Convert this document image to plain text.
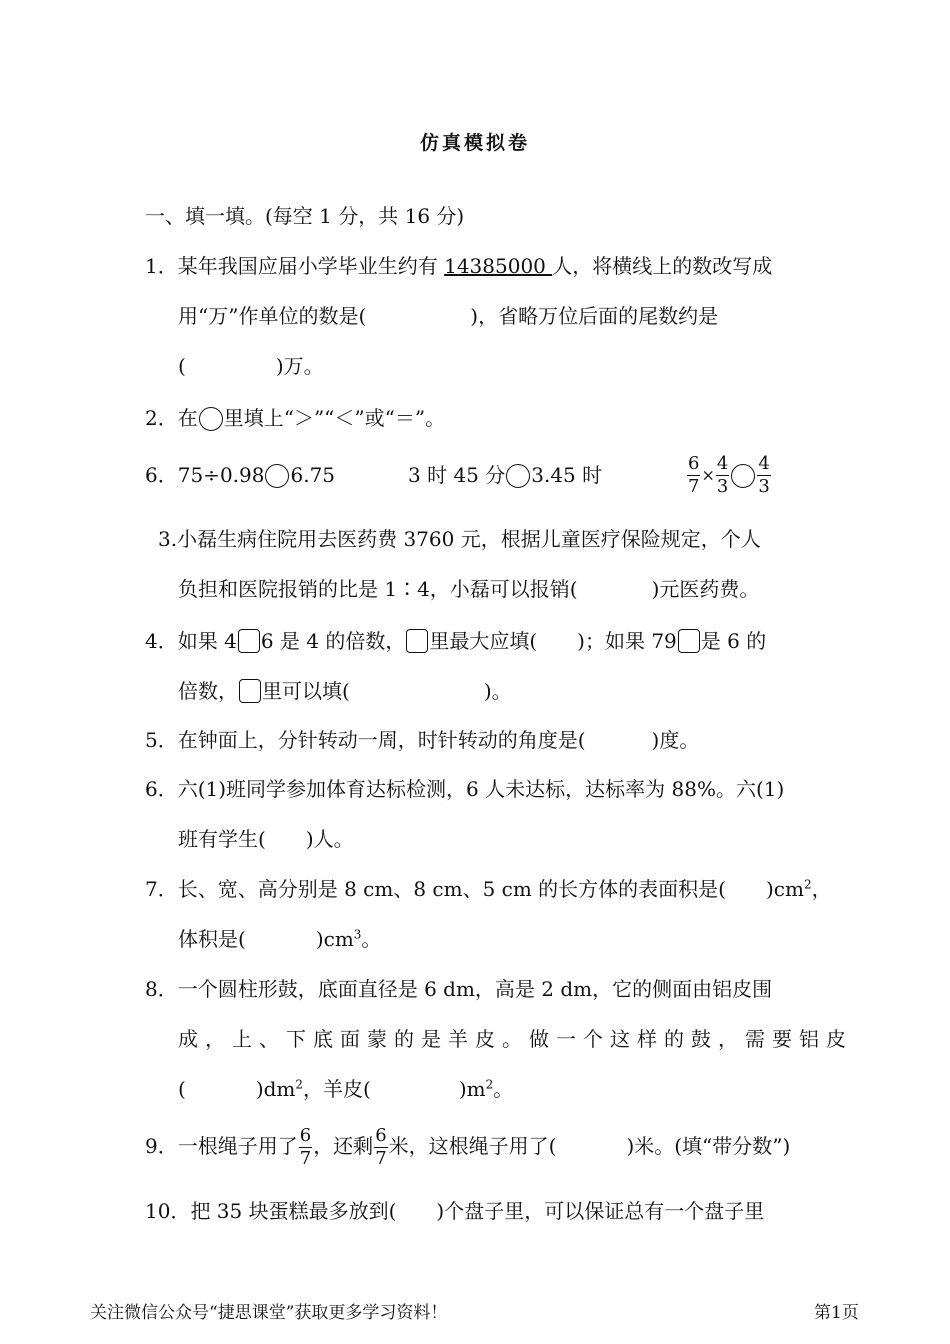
仿真模拟卷
一、填一填。(每空 1 分，共 16 分)
1．某年我国应届小学毕业生约有 14385000 人，将横线上的数改写成
用“万”作单位的数是(	)，省略万位后面的尾数约是
(	)万。
2．在 里填上“＞”“＜”或“＝”。
6．75÷0.98 6.75	3 时 45 分 3.45 时	$\frac{6}{7} \times \frac{4}{3} \frac{4}{3}$
3.小磊生病住院用去医药费 3760 元，根据儿童医疗保险规定，个人
负担和医院报销的比是 1∶4，小磊可以报销(	)元医药费。
4．如果 4 6 是 4 的倍数， 里最大应填( )；如果 79 是 6 的
倍数， 里可以填(	)。
5．在钟面上，分针转动一周，时针转动的角度是(	)度。
6．六(1)班同学参加体育达标检测，6 人未达标，达标率为 88%。六(1)
班有学生( )人。
7．长、宽、高分别是 8 cm、8 cm、5 cm 的长方体的表面积是( )$cm^2$，
体积是(	)$cm^3$。
8．一个圆柱形鼓，底面直径是 6 dm，高是 2 dm，它的侧面由铝皮围
成，上、下底面蒙的是羊皮。做一个这样的鼓，需要铝皮
(	)$dm^2$，羊皮(	)$m^2$。
9．一根绳子用了 $\frac{6}{7}$ ，还剩 $\frac{6}{7}$ 米，这根绳子用了(	)米。(填“带分数”)
10．把 35 块蛋糕最多放到( )个盘子里，可以保证总有一个盘子里
关注微信公众号“捷思课堂”获取更多学习资料！	第1页
